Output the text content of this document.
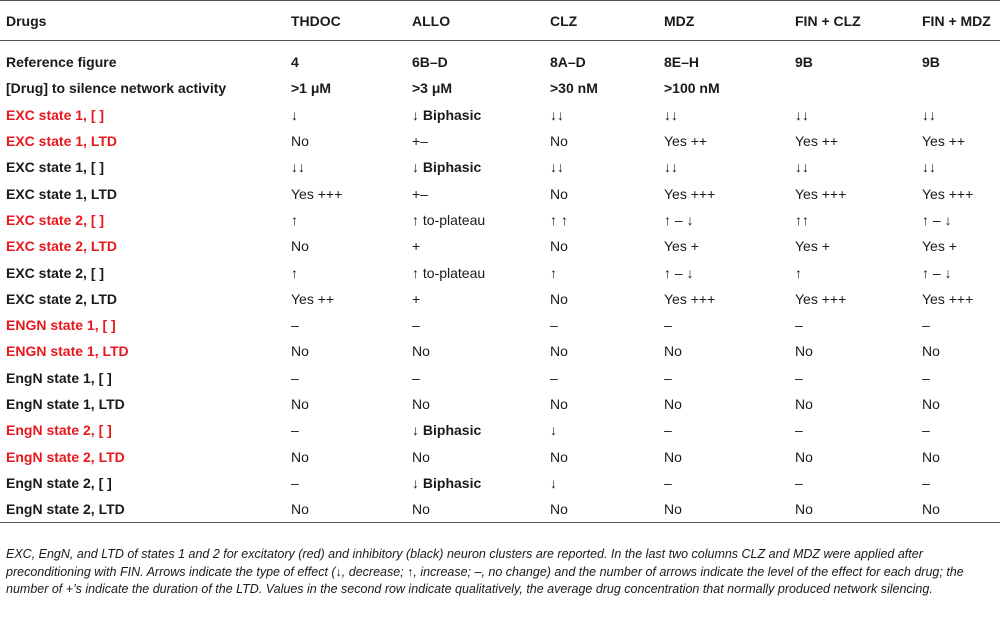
Drugs	THDOC	ALLO	CLZ	MDZ	FIN + CLZ	FIN + MDZ
Reference figure	4	6B–D	8A–D	8E–H	9B	9B
[Drug] to silence network activity	>1 μM	>3 μM	>30 nM	>100 nM		
EXC state 1, [ ]	↓	↓ Biphasic	↓↓	↓↓	↓↓	↓↓
EXC state 1, LTD	No	+–	No	Yes ++	Yes ++	Yes ++
EXC state 1, [ ]	↓↓	↓ Biphasic	↓↓	↓↓	↓↓	↓↓
EXC state 1, LTD	Yes +++	+–	No	Yes +++	Yes +++	Yes +++
EXC state 2, [ ]	↑	↑ to-plateau	↑ ↑	↑ – ↓	↑↑	↑ – ↓
EXC state 2, LTD	No	+	No	Yes +	Yes +	Yes +
EXC state 2, [ ]	↑	↑ to-plateau	↑	↑ – ↓	↑	↑ – ↓
EXC state 2, LTD	Yes ++	+	No	Yes +++	Yes +++	Yes +++
ENGN state 1, [ ]	–	–	–	–	–	–
ENGN state 1, LTD	No	No	No	No	No	No
EngN state 1, [ ]	–	–	–	–	–	–
EngN state 1, LTD	No	No	No	No	No	No
EngN state 2, [ ]	–	↓ Biphasic	↓	–	–	–
EngN state 2, LTD	No	No	No	No	No	No
EngN state 2, [ ]	–	↓ Biphasic	↓	–	–	–
EngN state 2, LTD	No	No	No	No	No	No
EXC, EngN, and LTD of states 1 and 2 for excitatory (red) and inhibitory (black) neuron clusters are reported. In the last two columns CLZ and MDZ were applied after preconditioning with FIN. Arrows indicate the type of effect (↓, decrease; ↑, increase; –, no change) and the number of arrows indicate the level of the effect for each drug; the number of +’s indicate the duration of the LTD. Values in the second row indicate qualitatively, the average drug concentration that normally produced network silencing.
